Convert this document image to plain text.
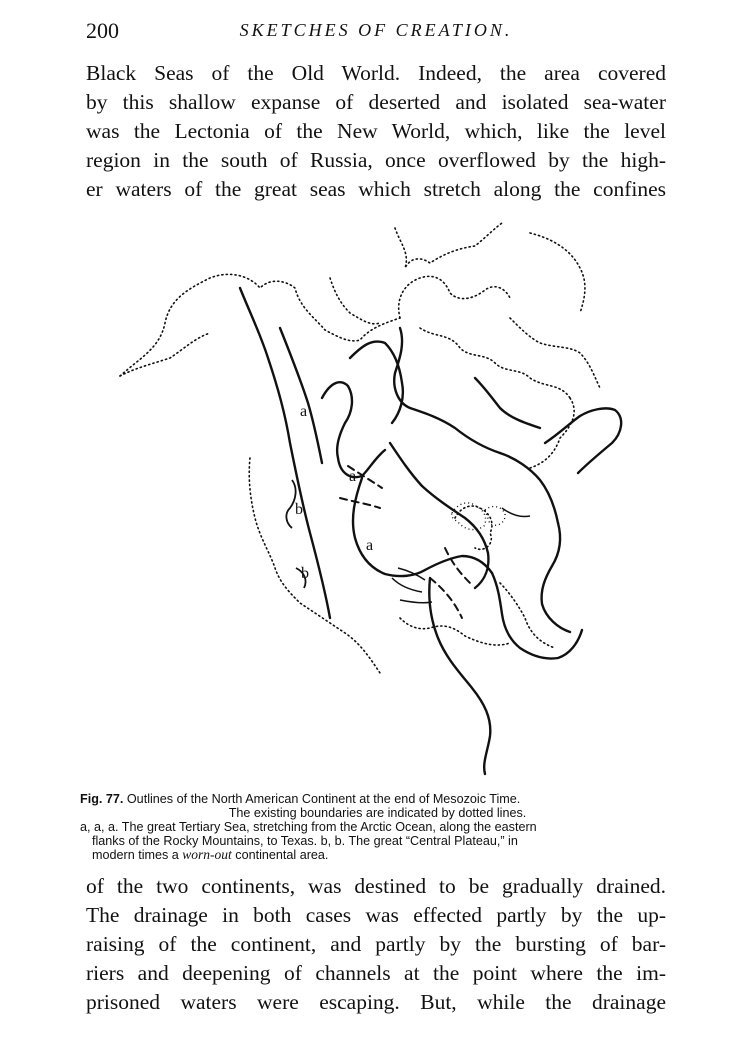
200	SKETCHES OF CREATION.
Black Seas of the Old World. Indeed, the area covered
by this shallow expanse of deserted and isolated sea-water
was the Lectonia of the New World, which, like the level
region in the south of Russia, once overflowed by the high-
er waters of the great seas which stretch along the confines
a
a
a
b
b
Fig. 77. Outlines of the North American Continent at the end of Mesozoic Time.
The existing boundaries are indicated by dotted lines.
a, a, a. The great Tertiary Sea, stretching from the Arctic Ocean, along the eastern
flanks of the Rocky Mountains, to Texas. b, b. The great “Central Plateau,” in
modern times a worn-out continental area.
of the two continents, was destined to be gradually drained.
The drainage in both cases was effected partly by the up-
raising of the continent, and partly by the bursting of bar-
riers and deepening of channels at the point where the im-
prisoned waters were escaping. But, while the drainage
